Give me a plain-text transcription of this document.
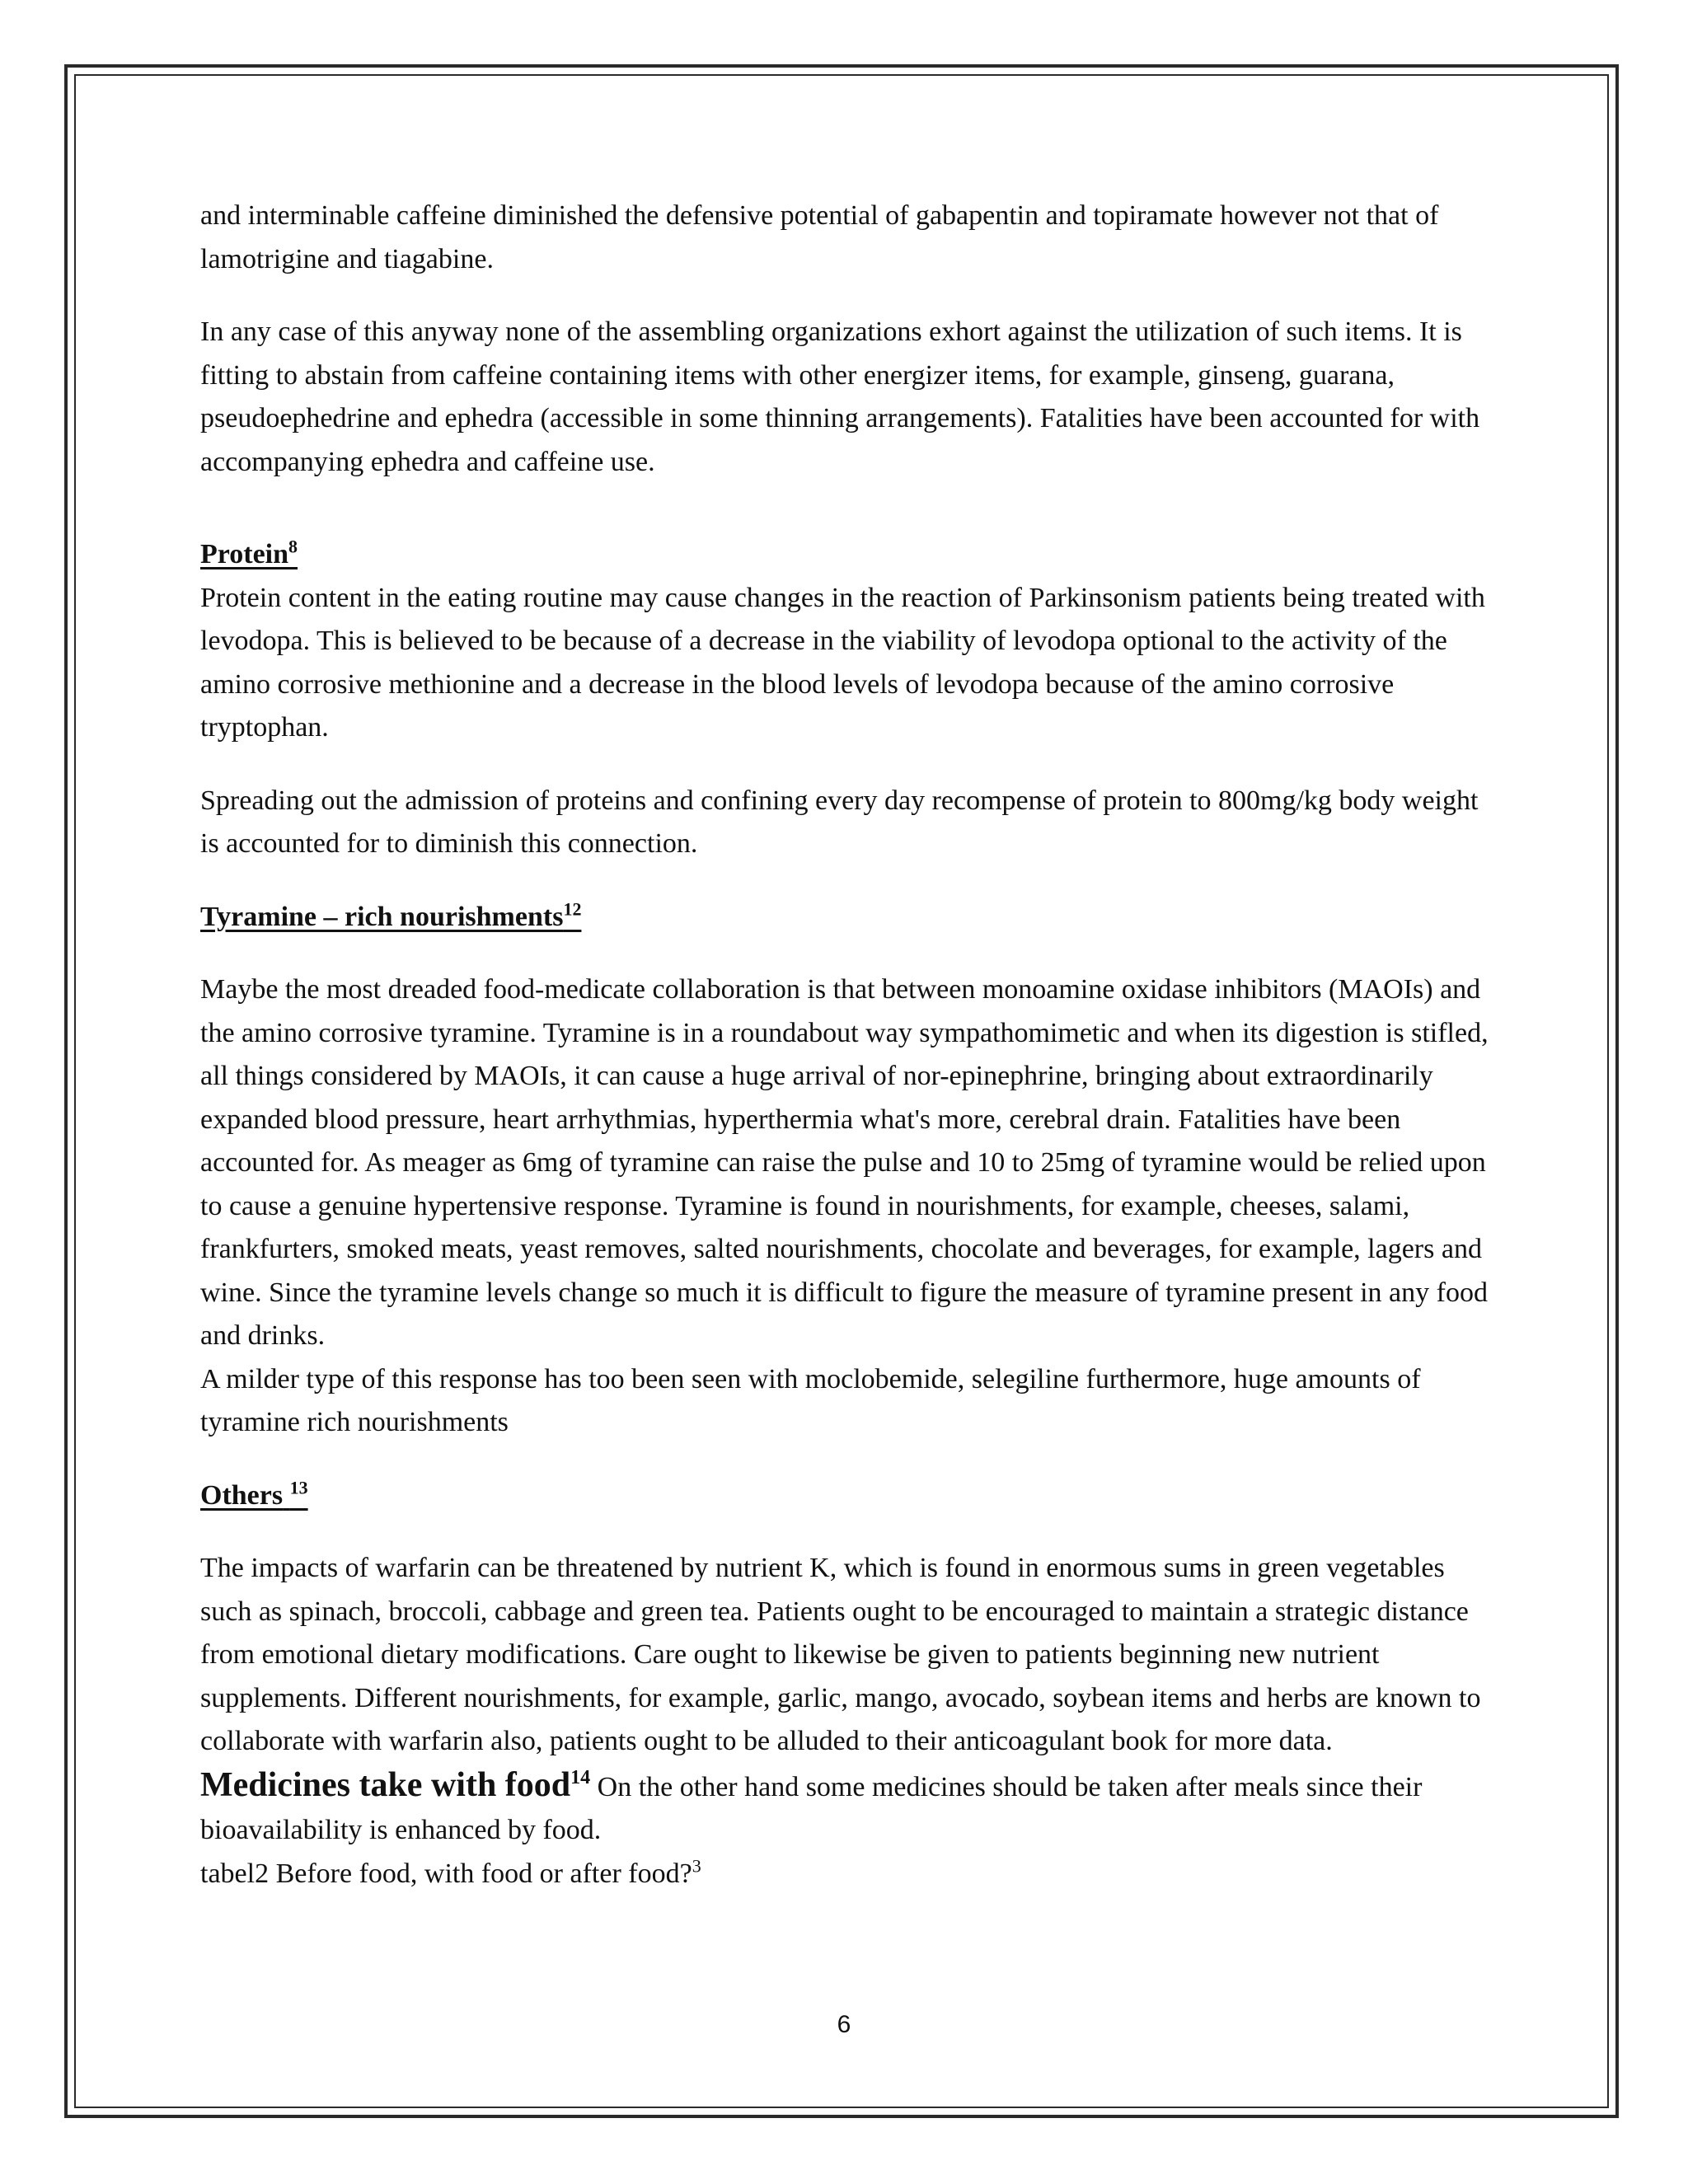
and interminable caffeine diminished the defensive potential of gabapentin and topiramate however not that of lamotrigine and tiagabine.

In any case of this anyway none of the assembling organizations exhort against the utilization of such items. It is fitting to abstain from caffeine containing items with other energizer items, for example, ginseng, guarana, pseudoephedrine and ephedra (accessible in some thinning arrangements). Fatalities have been accounted for with accompanying ephedra and caffeine use.

Protein$^8$

Protein content in the eating routine may cause changes in the reaction of Parkinsonism patients being treated with levodopa. This is believed to be because of a decrease in the viability of levodopa optional to the activity of the amino corrosive methionine and a decrease in the blood levels of levodopa because of the amino corrosive tryptophan.

Spreading out the admission of proteins and confining every day recompense of protein to 800mg/kg body weight is accounted for to diminish this connection.

Tyramine – rich nourishments$^{12}$

Maybe the most dreaded food-medicate collaboration is that between monoamine oxidase inhibitors (MAOIs) and the amino corrosive tyramine. Tyramine is in a roundabout way sympathomimetic and when its digestion is stifled, all things considered by MAOIs, it can cause a huge arrival of nor-epinephrine, bringing about extraordinarily expanded blood pressure, heart arrhythmias, hyperthermia what's more, cerebral drain. Fatalities have been accounted for. As meager as 6mg of tyramine can raise the pulse and 10 to 25mg of tyramine would be relied upon to cause a genuine hypertensive response. Tyramine is found in nourishments, for example, cheeses, salami, frankfurters, smoked meats, yeast removes, salted nourishments, chocolate and beverages, for example, lagers and wine. Since the tyramine levels change so much it is difficult to figure the measure of tyramine present in any food and drinks.

A milder type of this response has too been seen with moclobemide, selegiline furthermore, huge amounts of tyramine rich nourishments

Others $^{13}$

The impacts of warfarin can be threatened by nutrient K, which is found in enormous sums in green vegetables such as spinach, broccoli, cabbage and green tea. Patients ought to be encouraged to maintain a strategic distance from emotional dietary modifications. Care ought to likewise be given to patients beginning new nutrient supplements. Different nourishments, for example, garlic, mango, avocado, soybean items and herbs are known to collaborate with warfarin also, patients ought to be alluded to their anticoagulant book for more data.

Medicines take with food$^{14}$ On the other hand some medicines should be taken after meals since their bioavailability is enhanced by food.

tabel2 Before food, with food or after food?$^3$

6
